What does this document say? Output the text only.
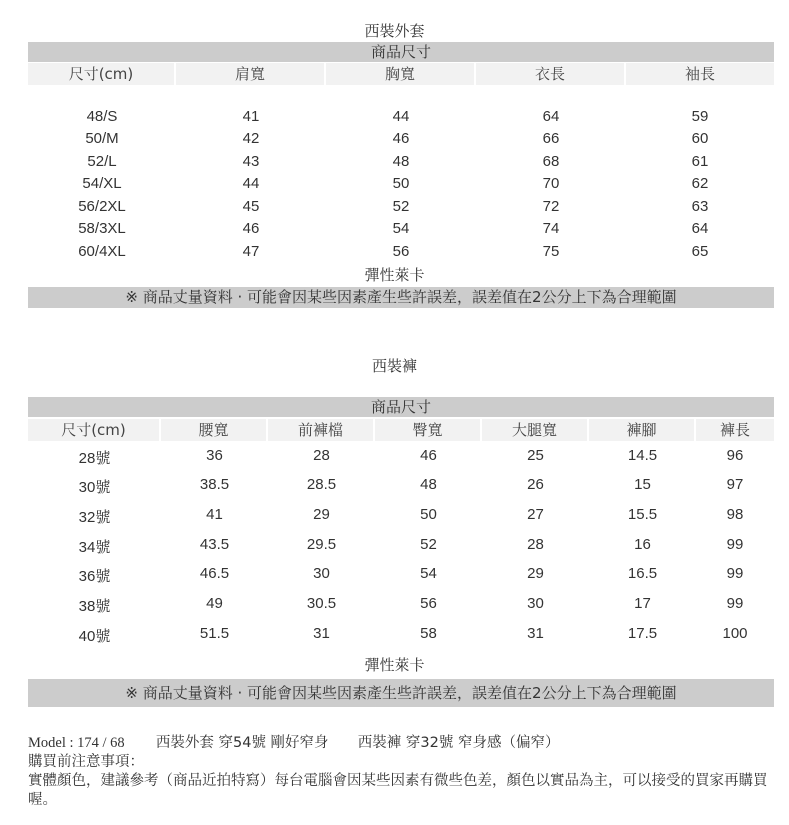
西裝外套
商品尺寸
尺寸(cm)	肩寬	胸寬	衣長	袖長
48/S	41	44	64	59
50/M	42	46	66	60
52/L	43	48	68	61
54/XL	44	50	70	62
56/2XL	45	52	72	63
58/3XL	46	54	74	64
60/4XL	47	56	75	65
彈性萊卡
※ 商品丈量資料 · 可能會因某些因素產生些許誤差，誤差值在2公分上下為合理範圍
西裝褲
商品尺寸
尺寸(cm)	腰寬	前褲檔	臀寬	大腿寬	褲腳	褲長
28號	36	28	46	25	14.5	96
30號	38.5	28.5	48	26	15	97
32號	41	29	50	27	15.5	98
34號	43.5	29.5	52	28	16	99
36號	46.5	30	54	29	16.5	99
38號	49	30.5	56	30	17	99
40號	51.5	31	58	31	17.5	100
彈性萊卡
※ 商品丈量資料 · 可能會因某些因素產生些許誤差，誤差值在2公分上下為合理範圍
Model : 174 / 68 西裝外套 穿54號 剛好窄身 西裝褲 穿32號 窄身感（偏窄）
購買前注意事項：
實體顏色，建議參考（商品近拍特寫）每台電腦會因某些因素有微些色差，顏色以實品為主，可以接受的買家再購買喔。
